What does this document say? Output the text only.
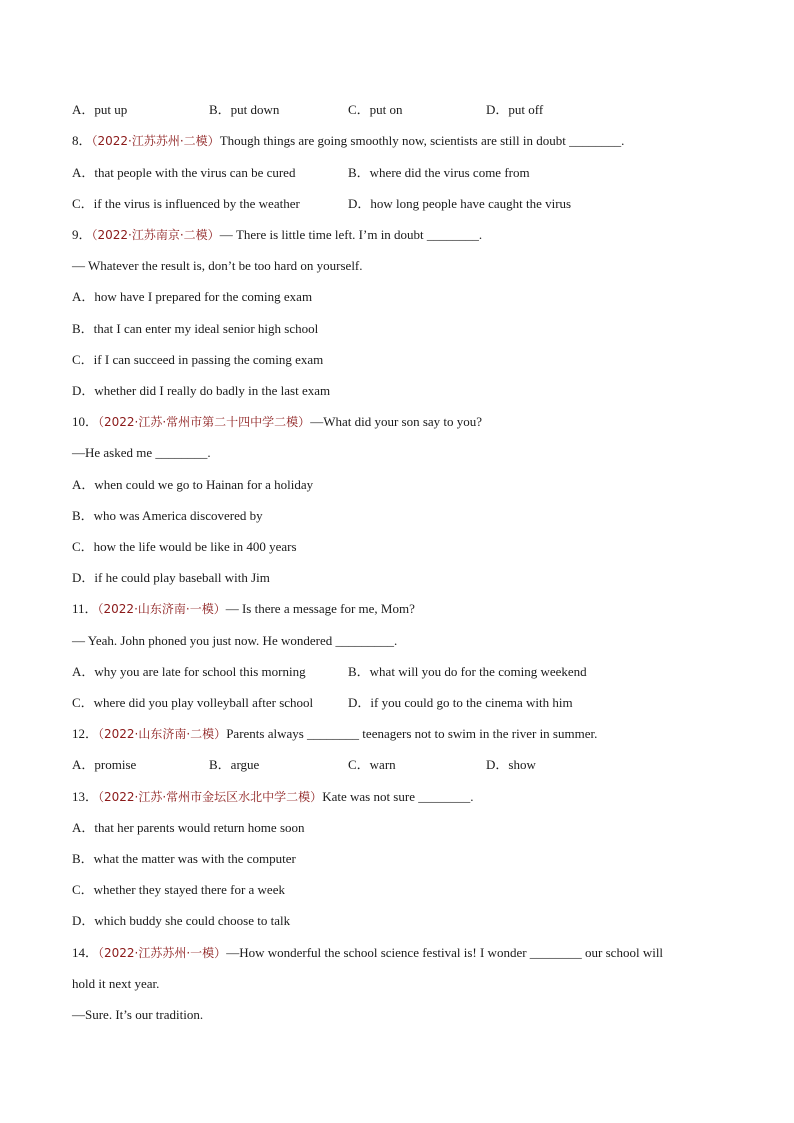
A．put up	B．put down	C．put on	D．put off
8．（2022·江苏苏州·二模）Though things are going smoothly now, scientists are still in doubt ________.
A．that people with the virus can be cured	B．where did the virus come from
C．if the virus is influenced by the weather	D．how long people have caught the virus
9．（2022·江苏南京·二模）— There is little time left. I’m in doubt ________.
— Whatever the result is, don’t be too hard on yourself.
A．how have I prepared for the coming exam
B．that I can enter my ideal senior high school
C．if I can succeed in passing the coming exam
D．whether did I really do badly in the last exam
10．（2022·江苏·常州市第二十四中学二模）—What did your son say to you?
—He asked me ________.
A．when could we go to Hainan for a holiday
B．who was America discovered by
C．how the life would be like in 400 years
D．if he could play baseball with Jim
11．（2022·山东济南·一模）— Is there a message for me, Mom?
— Yeah. John phoned you just now. He wondered _________.
A．why you are late for school this morning	B．what will you do for the coming weekend
C．where did you play volleyball after school	D．if you could go to the cinema with him
12．（2022·山东济南·二模）Parents always ________ teenagers not to swim in the river in summer.
A．promise	B．argue	C．warn	D．show
13．（2022·江苏·常州市金坛区水北中学二模）Kate was not sure ________.
A．that her parents would return home soon
B．what the matter was with the computer
C．whether they stayed there for a week
D．which buddy she could choose to talk
14．（2022·江苏苏州·一模）—How wonderful the school science festival is! I wonder ________ our school will
hold it next year.
—Sure. It’s our tradition.
